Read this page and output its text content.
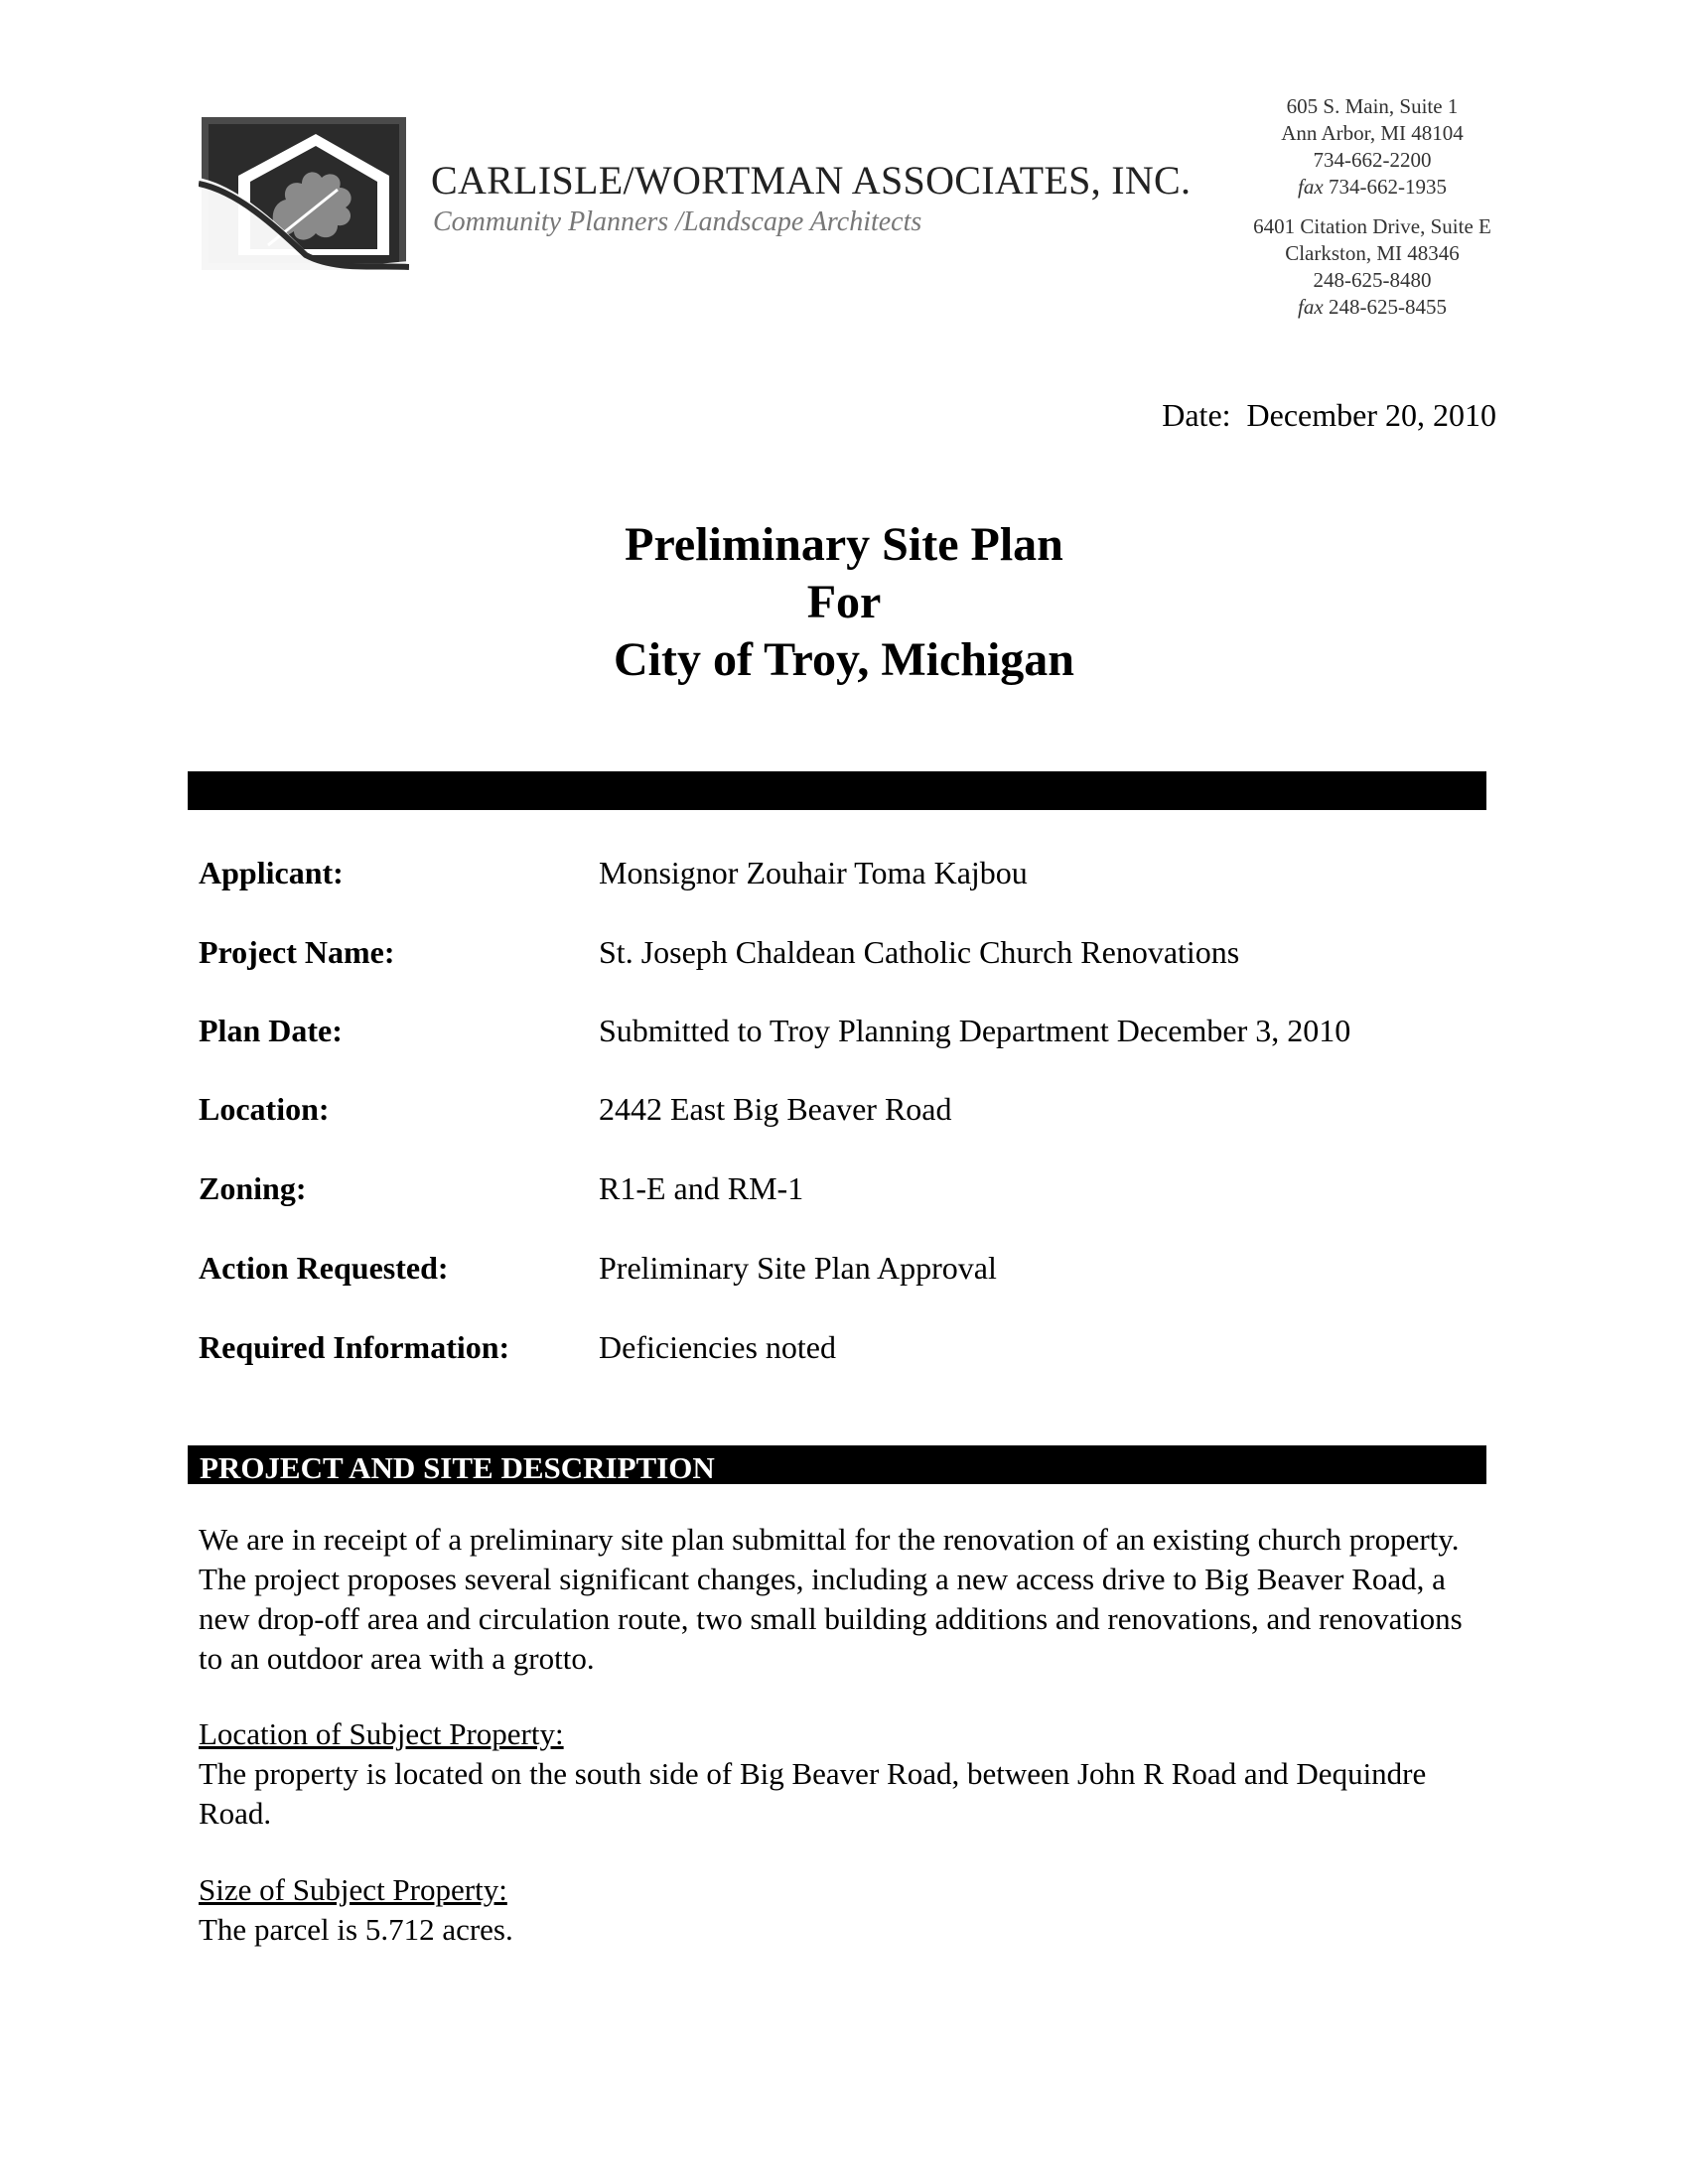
CARLISLE/WORTMAN ASSOCIATES, INC.
Community Planners /Landscape Architects
605 S. Main, Suite 1
Ann Arbor, MI 48104
734-662-2200
fax 734-662-1935
6401 Citation Drive, Suite E
Clarkston, MI 48346
248-625-8480
fax 248-625-8455
Date: December 20, 2010
Preliminary Site Plan
For
City of Troy, Michigan
Applicant:	Monsignor Zouhair Toma Kajbou
Project Name:	St. Joseph Chaldean Catholic Church Renovations
Plan Date:	Submitted to Troy Planning Department December 3, 2010
Location:	2442 East Big Beaver Road
Zoning:	R1-E and RM-1
Action Requested:	Preliminary Site Plan Approval
Required Information:	Deficiencies noted
PROJECT AND SITE DESCRIPTION
We are in receipt of a preliminary site plan submittal for the renovation of an existing church property. The project proposes several significant changes, including a new access drive to Big Beaver Road, a new drop-off area and circulation route, two small building additions and renovations, and renovations to an outdoor area with a grotto.
Location of Subject Property:
The property is located on the south side of Big Beaver Road, between John R Road and Dequindre Road.
Size of Subject Property:
The parcel is 5.712 acres.
